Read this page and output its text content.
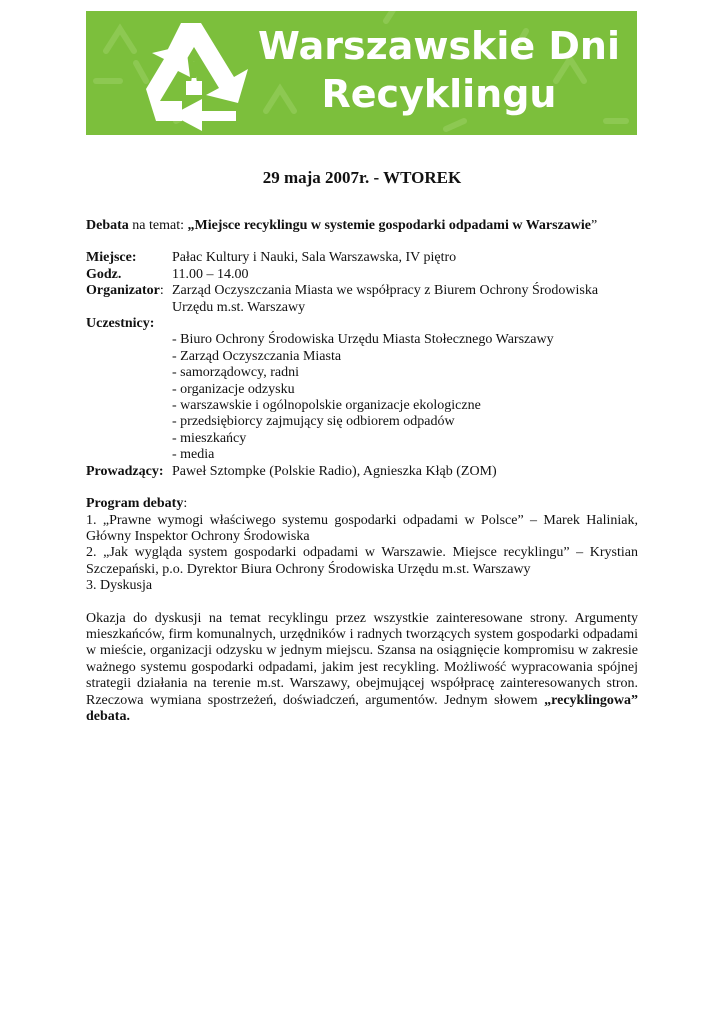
Warszawskie Dni
Recyklingu
29 maja 2007r. - WTOREK

Debata na temat: „Miejsce recyklingu w systemie gospodarki odpadami w Warszawie”

Miejsce:	Pałac Kultury i Nauki, Sala Warszawska, IV piętro
Godz.	11.00 – 14.00
Organizator: Zarząd Oczyszczania Miasta we współpracy z Biurem Ochrony Środowiska
Urzędu m.st. Warszawy
Uczestnicy:
- Biuro Ochrony Środowiska Urzędu Miasta Stołecznego Warszawy
- Zarząd Oczyszczania Miasta
- samorządowcy, radni
- organizacje odzysku
- warszawskie i ogólnopolskie organizacje ekologiczne
- przedsiębiorcy zajmujący się odbiorem odpadów
- mieszkańcy
- media
Prowadzący: Paweł Sztompke (Polskie Radio), Agnieszka Kłąb (ZOM)

Program debaty:

1. „Prawne wymogi właściwego systemu gospodarki odpadami w Polsce” – Marek Haliniak,

Główny Inspektor Ochrony Środowiska

2. „Jak wygląda system gospodarki odpadami w Warszawie. Miejsce recyklingu” – Krystian

Szczepański, p.o. Dyrektor Biura Ochrony Środowiska Urzędu m.st. Warszawy

3. Dyskusja

Okazja do dyskusji na temat recyklingu przez wszystkie zainteresowane strony. Argumenty mieszkańców, firm komunalnych, urzędników i radnych tworzących system gospodarki odpadami w mieście, organizacji odzysku w jednym miejscu. Szansa na osiągnięcie kompromisu w zakresie ważnego systemu gospodarki odpadami, jakim jest recykling. Możliwość wypracowania spójnej strategii działania na terenie m.st. Warszawy, obejmującej współpracę zainteresowanych stron. Rzeczowa wymiana spostrzeżeń, doświadczeń, argumentów. Jednym słowem „recyklingowa” debata.
